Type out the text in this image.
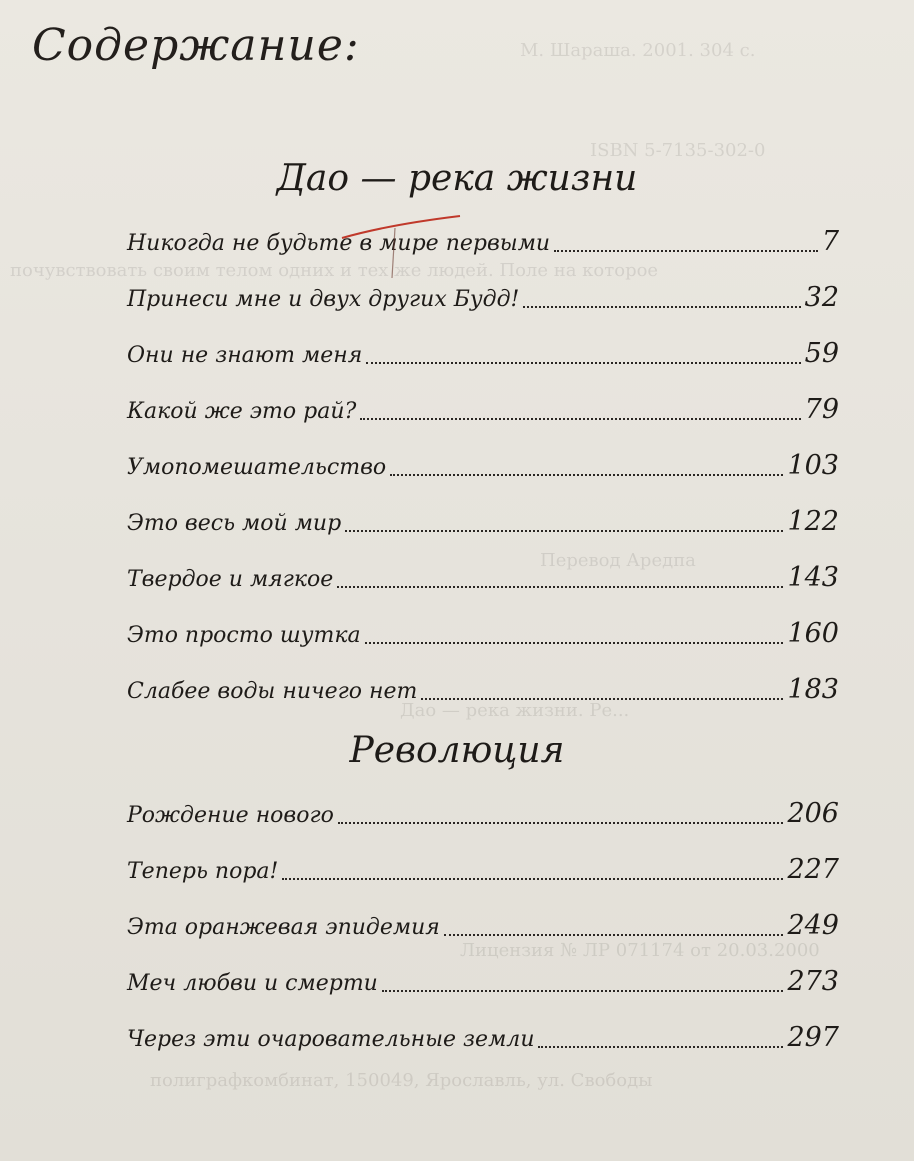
M. Шараша. 2001. 304 с.
ISBN 5-7135-302-0
почувствовать своим телом одних и тех же людей. Поле на которое
Перевод Аредпа
Дао — река жизни. Ре...
Лицензия № ЛР 071174 от 20.03.2000
полиграфкомбинат, 150049, Ярославль, ул. Свободы
Содержание:
Дао — река жизни
Никогда не будьте в мире первыми	7
Принеси мне и двух других Будд!	32
Они не знают меня	59
Какой же это рай?	79
Умопомешательство	103
Это весь мой мир	122
Твердое и мягкое	143
Это просто шутка	160
Слабее воды ничего нет	183
Революция
Рождение нового	206
Теперь пора!	227
Эта оранжевая эпидемия	249
Меч любви и смерти	273
Через эти очаровательные земли	297
